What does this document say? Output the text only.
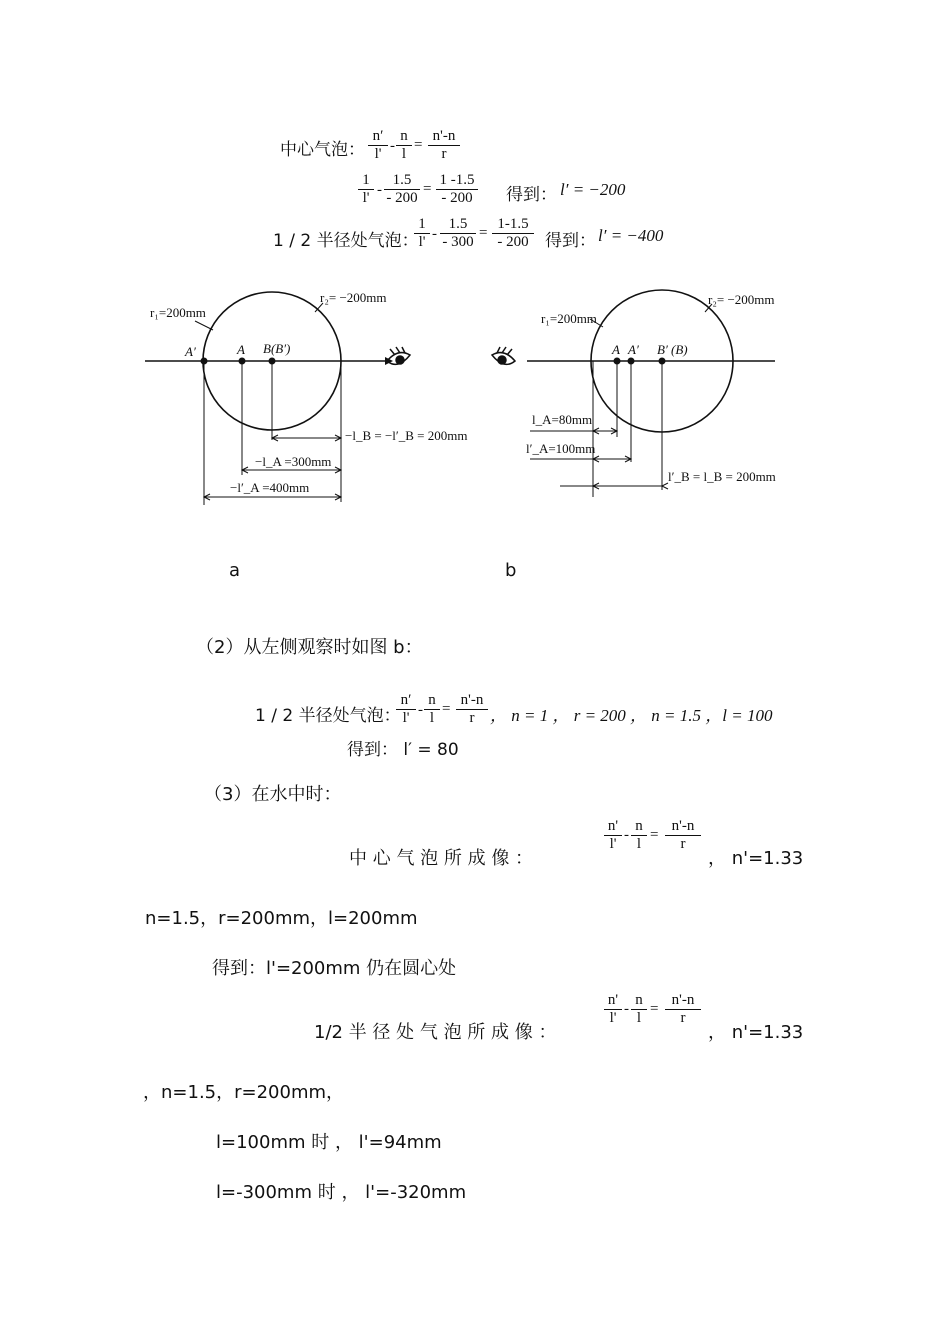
中心气泡： $\frac{n'}{l'} - \frac{n}{l} = \frac{n'-n}{r}$
$\frac{1}{l'} - \frac{1.5}{- 200} = \frac{1 -1.5}{- 200}$ 得到： l′ = −200
1 / 2 半径处气泡：
$\frac{1}{l'} - \frac{1.5}{- 300} = \frac{1-1.5}{- 200}$ 得到： l′ = −400
r₁=200mm
r₂= −200mm
A′	A B(B′)
−l_B = −l′_B = 200mm
−l_A =300mm
−l′_A =400mm
r₁=200mm
r₂= −200mm
A A′ B′ (B)
l_A=80mm
l′_A=100mm
l′_B = l_B = 200mm
a	b
（2）从左侧观察时如图 b：
1 / 2 半径处气泡：
$\frac{n'}{l'} - \frac{n}{l} = \frac{n'-n}{r}$ ， n = 1 ， r = 200 ， n = 1.5 ，l = 100
得到： l′ = 80
（3）在水中时：
中 心 气 泡 所 成 像 ：
$\frac{n'}{l'} - \frac{n}{l} = \frac{n'-n}{r}$
， n'=1.33
n=1.5，r=200mm，l=200mm
得到：l'=200mm 仍在圆心处
1/2 半 径 处 气 泡 所 成 像 ：
$\frac{n'}{l'} - \frac{n}{l} = \frac{n'-n}{r}$
， n'=1.33
，n=1.5，r=200mm，
l=100mm 时 ， l'=94mm
l=-300mm 时 ， l'=-320mm
